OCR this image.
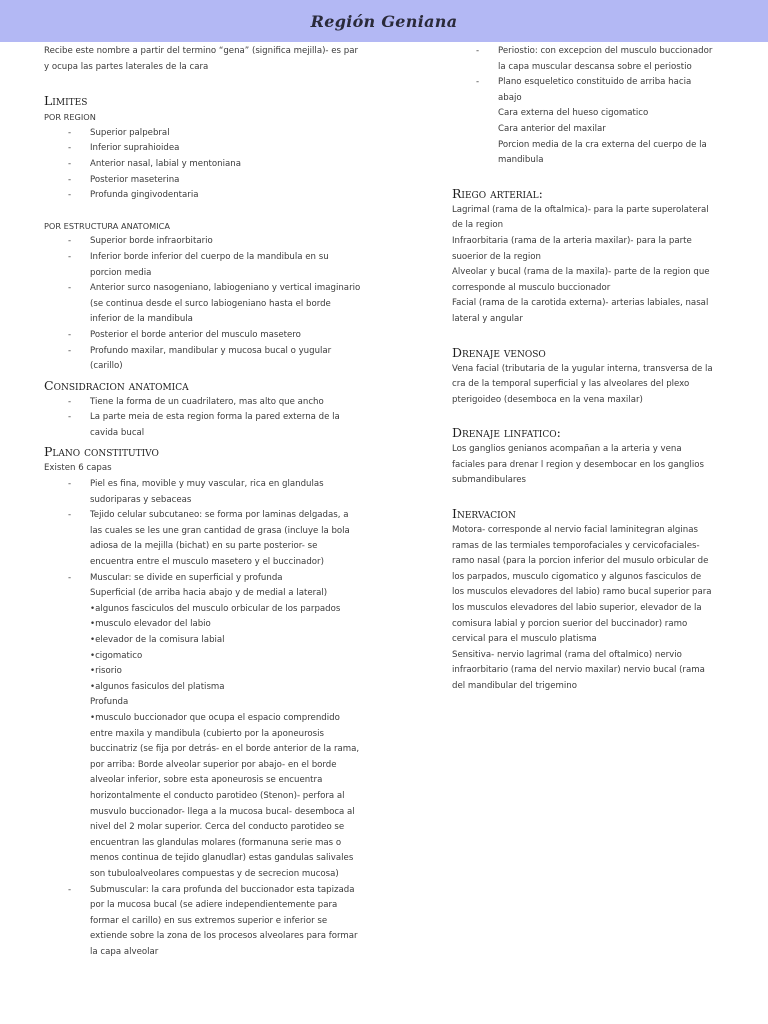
Región Geniana

Recibe este nombre a partir del termino “gena” (significa mejilla)- es par y ocupa las partes laterales de la cara

Limites

POR REGION

- Superior palpebral
- Inferior suprahioidea
- Anterior nasal, labial y mentoniana
- Posterior maseterina
- Profunda gingivodentaria

POR ESTRUCTURA ANATOMICA

- Superior borde infraorbitario
- Inferior borde inferior del cuerpo de la mandibula en su porcion media
- Anterior surco nasogeniano, labiogeniano y vertical imaginario (se continua desde el surco labiogeniano hasta el borde inferior de la mandibula
- Posterior el borde anterior del musculo masetero
- Profundo maxilar, mandibular y mucosa bucal o yugular (carillo)

Considracion anatomica

- Tiene la forma de un cuadrilatero, mas alto que ancho
- La parte meia de esta region forma la pared externa de la cavida bucal

Plano constitutivo

Existen 6 capas

- Piel es fina, movible y muy vascular, rica en glandulas sudoriparas y sebaceas
- Tejido celular subcutaneo: se forma por laminas delgadas, a las cuales se les une gran cantidad de grasa (incluye la bola adiosa de la mejilla (bichat) en su parte posterior- se encuentra entre el musculo masetero y el buccinador)

- Muscular: se divide en superficial y profunda

Superficial (de arriba hacia abajo y de medial a lateral)

•algunos fasciculos del musculo orbicular de los parpados

•musculo elevador del labio

•elevador de la comisura labial

•cigomatico

•risorio

•algunos fasiculos del platisma

Profunda

•musculo buccionador que ocupa el espacio comprendido entre maxila y mandibula (cubierto por la aponeurosis buccinatriz (se fija por detrás- en el borde anterior de la rama, por arriba: Borde alveolar superior por abajo- en el borde alveolar inferior, sobre esta aponeurosis se encuentra horizontalmente el conducto parotideo (Stenon)- perfora al musvulo buccionador- llega a la mucosa bucal- desemboca al nivel del 2 molar superior. Cerca del conducto parotideo se encuentran las glandulas molares (formanuna serie mas o menos continua de tejido glanudlar) estas gandulas salivales son tubuloalveolares compuestas y de secrecion mucosa)

- Submuscular: la cara profunda del buccionador esta tapizada por la mucosa bucal (se adiere independientemente para formar el carillo) en sus extremos superior e inferior se extiende sobre la zona de los procesos alveolares para formar la capa alveolar
- Periostio: con excepcion del musculo buccionador la capa muscular descansa sobre el periostio

- Plano esqueletico constituido de arriba hacia abajo

Cara externa del hueso cigomatico

Cara anterior del maxilar

Porcion media de la cra externa del cuerpo de la mandibula

Riego arterial:

Lagrimal (rama de la oftalmica)- para la parte superolateral de la region

Infraorbitaria (rama de la arteria maxilar)- para la parte suoerior de la region

Alveolar y bucal (rama de la maxila)- parte de la region que corresponde al musculo buccionador

Facial (rama de la carotida externa)- arterias labiales, nasal lateral y angular

Drenaje venoso

Vena facial (tributaria de la yugular interna, transversa de la cra de la temporal superficial y las alveolares del plexo pterigoideo (desemboca en la vena maxilar)

Drenaje linfatico:

Los ganglios genianos acompañan a la arteria y vena faciales para drenar l region y desembocar en los ganglios submandibulares

Inervacion

Motora- corresponde al nervio facial laminitegran alginas ramas de las termiales temporofaciales y cervicofaciales- ramo nasal (para la porcion inferior del musulo orbicular de los parpados, musculo cigomatico y algunos fasciculos de los musculos elevadores del labio) ramo bucal superior para los musculos elevadores del labio superior, elevador de la comisura labial y porcion suerior del buccinador) ramo cervical para el musculo platisma

Sensitiva- nervio lagrimal (rama del oftalmico) nervio infraorbitario (rama del nervio maxilar) nervio bucal (rama del mandibular del trigemino
